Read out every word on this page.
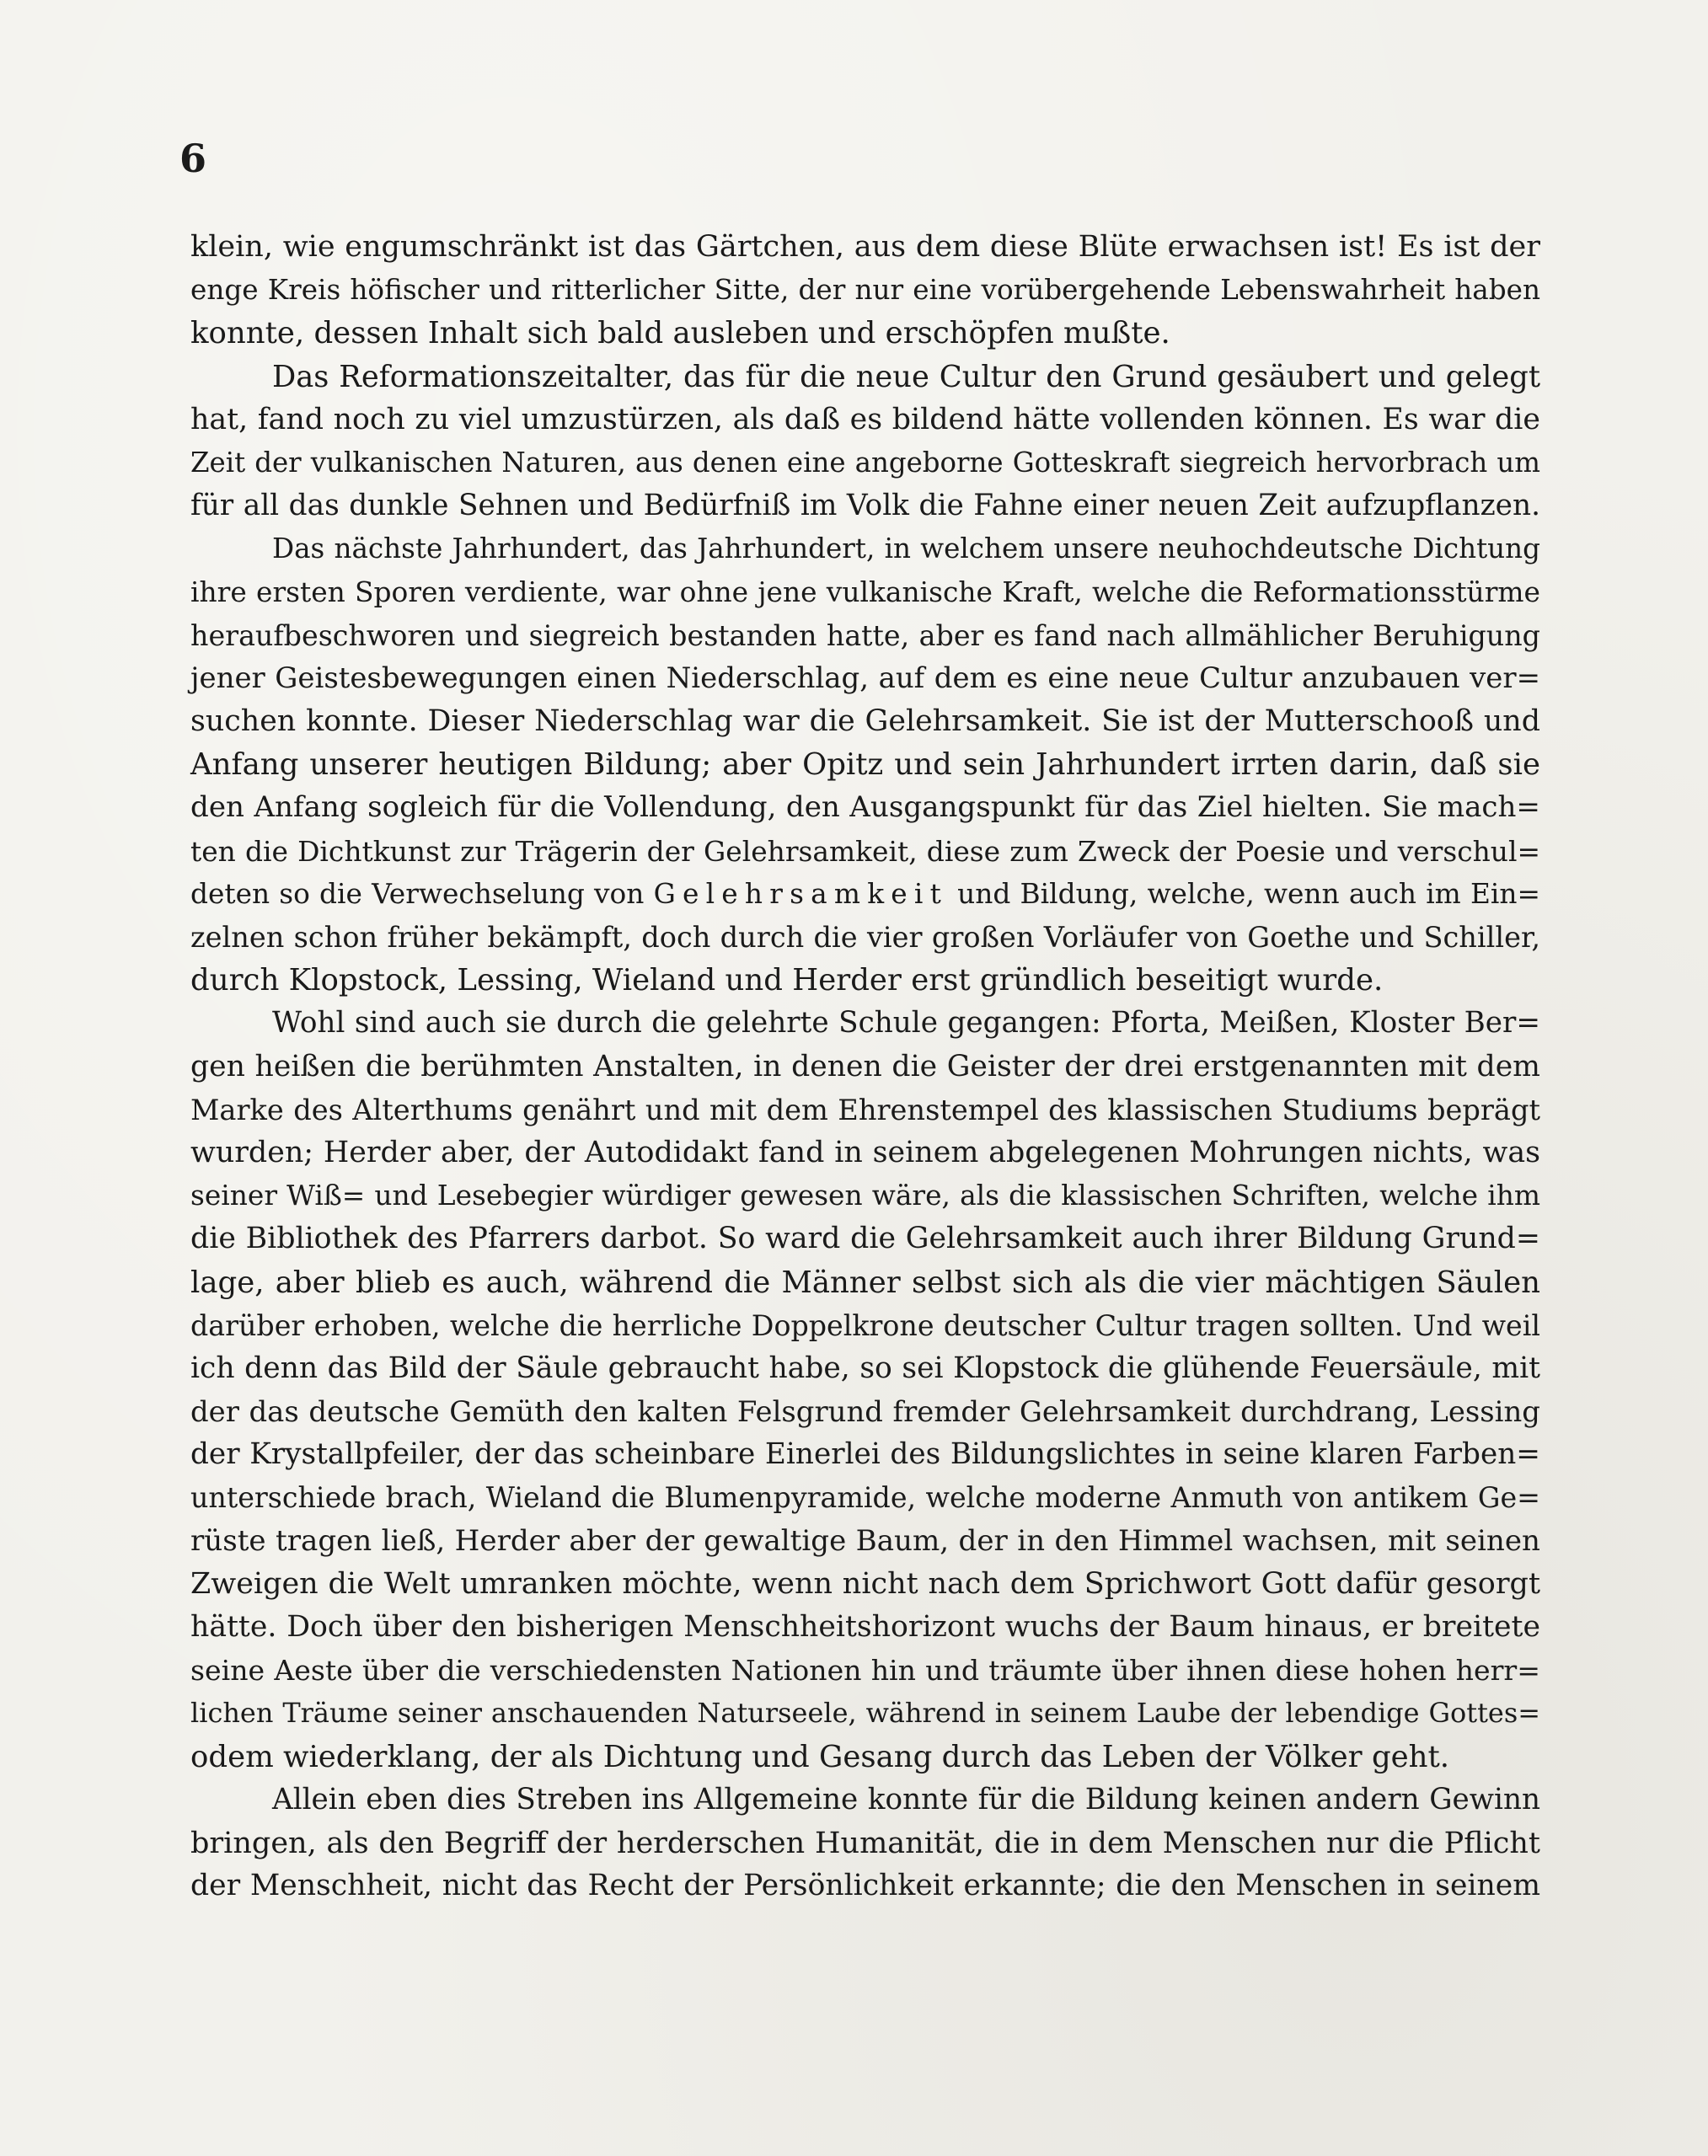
6
klein, wie engumschränkt ist das Gärtchen, aus dem diese Blüte erwachsen ist! Es ist der
enge Kreis höfischer und ritterlicher Sitte, der nur eine vorübergehende Lebenswahrheit haben
konnte, dessen Inhalt sich bald ausleben und erschöpfen mußte.
Das Reformationszeitalter, das für die neue Cultur den Grund gesäubert und gelegt
hat, fand noch zu viel umzustürzen, als daß es bildend hätte vollenden können. Es war die
Zeit der vulkanischen Naturen, aus denen eine angeborne Gotteskraft siegreich hervorbrach um
für all das dunkle Sehnen und Bedürfniß im Volk die Fahne einer neuen Zeit aufzupflanzen.
Das nächste Jahrhundert, das Jahrhundert, in welchem unsere neuhochdeutsche Dichtung
ihre ersten Sporen verdiente, war ohne jene vulkanische Kraft, welche die Reformationsstürme
heraufbeschworen und siegreich bestanden hatte, aber es fand nach allmählicher Beruhigung
jener Geistesbewegungen einen Niederschlag, auf dem es eine neue Cultur anzubauen ver=
suchen konnte. Dieser Niederschlag war die Gelehrsamkeit. Sie ist der Mutterschooß und
Anfang unserer heutigen Bildung; aber Opitz und sein Jahrhundert irrten darin, daß sie
den Anfang sogleich für die Vollendung, den Ausgangspunkt für das Ziel hielten. Sie mach=
ten die Dichtkunst zur Trägerin der Gelehrsamkeit, diese zum Zweck der Poesie und verschul=
deten so die Verwechselung von Gelehrsamkeit und Bildung, welche, wenn auch im Ein=
zelnen schon früher bekämpft, doch durch die vier großen Vorläufer von Goethe und Schiller,
durch Klopstock, Lessing, Wieland und Herder erst gründlich beseitigt wurde.
Wohl sind auch sie durch die gelehrte Schule gegangen: Pforta, Meißen, Kloster Ber=
gen heißen die berühmten Anstalten, in denen die Geister der drei erstgenannten mit dem
Marke des Alterthums genährt und mit dem Ehrenstempel des klassischen Studiums beprägt
wurden; Herder aber, der Autodidakt fand in seinem abgelegenen Mohrungen nichts, was
seiner Wiß= und Lesebegier würdiger gewesen wäre, als die klassischen Schriften, welche ihm
die Bibliothek des Pfarrers darbot. So ward die Gelehrsamkeit auch ihrer Bildung Grund=
lage, aber blieb es auch, während die Männer selbst sich als die vier mächtigen Säulen
darüber erhoben, welche die herrliche Doppelkrone deutscher Cultur tragen sollten. Und weil
ich denn das Bild der Säule gebraucht habe, so sei Klopstock die glühende Feuersäule, mit
der das deutsche Gemüth den kalten Felsgrund fremder Gelehrsamkeit durchdrang, Lessing
der Krystallpfeiler, der das scheinbare Einerlei des Bildungslichtes in seine klaren Farben=
unterschiede brach, Wieland die Blumenpyramide, welche moderne Anmuth von antikem Ge=
rüste tragen ließ, Herder aber der gewaltige Baum, der in den Himmel wachsen, mit seinen
Zweigen die Welt umranken möchte, wenn nicht nach dem Sprichwort Gott dafür gesorgt
hätte. Doch über den bisherigen Menschheitshorizont wuchs der Baum hinaus, er breitete
seine Aeste über die verschiedensten Nationen hin und träumte über ihnen diese hohen herr=
lichen Träume seiner anschauenden Naturseele, während in seinem Laube der lebendige Gottes=
odem wiederklang, der als Dichtung und Gesang durch das Leben der Völker geht.
Allein eben dies Streben ins Allgemeine konnte für die Bildung keinen andern Gewinn
bringen, als den Begriff der herderschen Humanität, die in dem Menschen nur die Pflicht
der Menschheit, nicht das Recht der Persönlichkeit erkannte; die den Menschen in seinem
